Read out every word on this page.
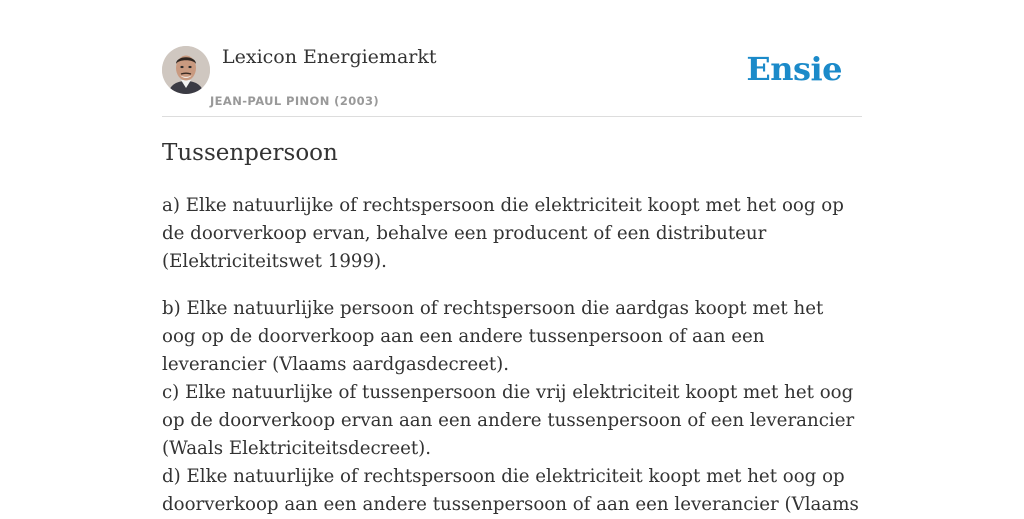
Lexicon Energiemarkt
JEAN-PAUL PINON (2003)
Ensie
Tussenpersoon

a) Elke natuurlijke of rechtspersoon die elektriciteit koopt met het oog op de doorverkoop ervan, behalve een producent of een distributeur (Elektriciteitswet 1999).

b) Elke natuurlijke persoon of rechtspersoon die aardgas koopt met het oog op de doorverkoop aan een andere tussenpersoon of aan een leverancier (Vlaams aardgasdecreet).

c) Elke natuurlijke of tussenpersoon die vrij elektriciteit koopt met het oog op de doorverkoop ervan aan een andere tussenpersoon of een leverancier (Waals Elektriciteitsdecreet).

d) Elke natuurlijke of rechtspersoon die elektriciteit koopt met het oog op doorverkoop aan een andere tussenpersoon of aan een leverancier (Vlaams
